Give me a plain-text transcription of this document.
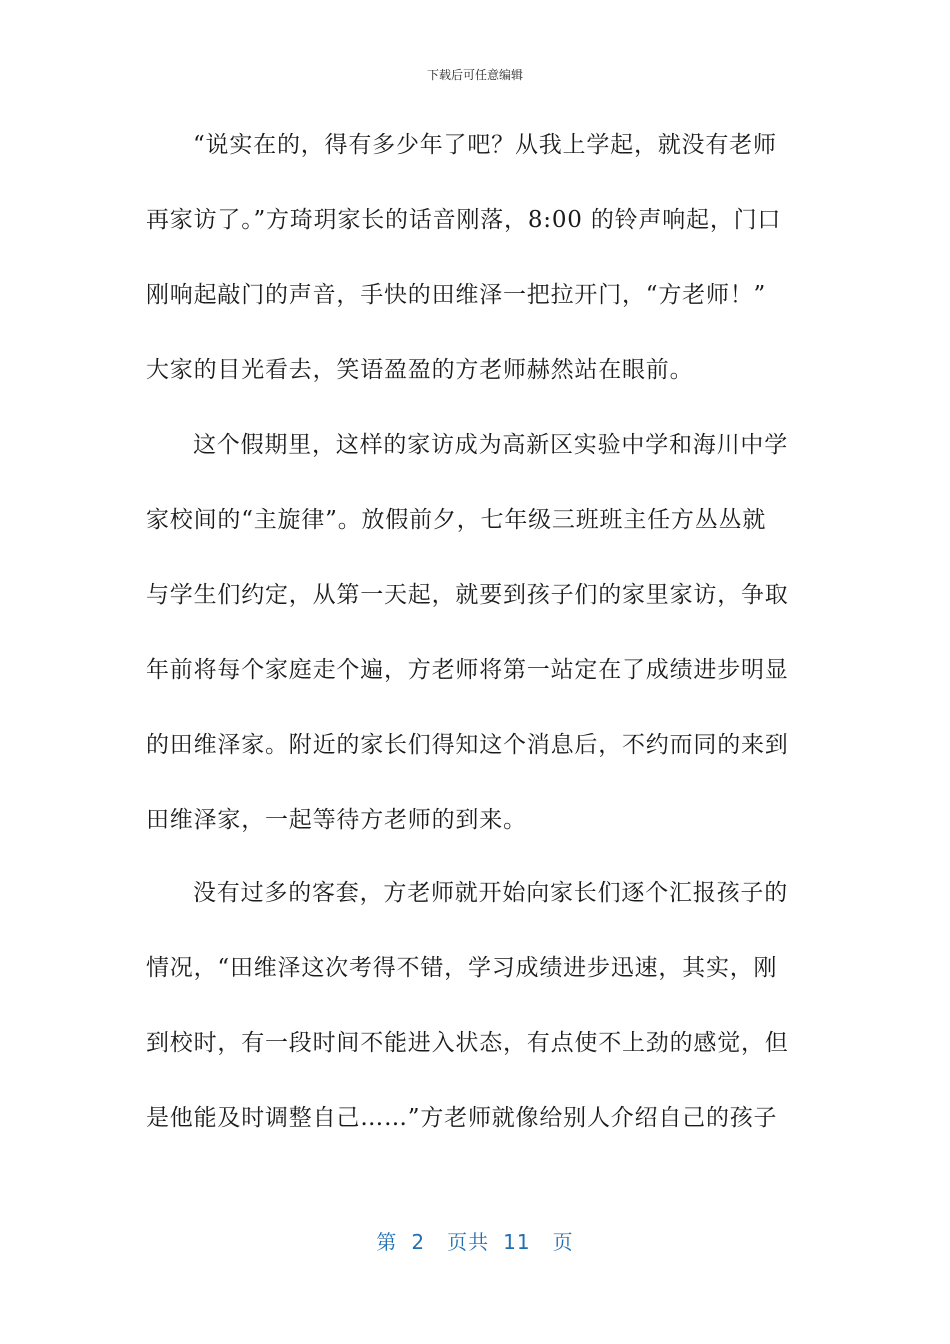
下载后可任意编辑
“说实在的，得有多少年了吧？从我上学起，就没有老师
再家访了。”方琦玥家长的话音刚落，8:00 的铃声响起，门口
刚响起敲门的声音，手快的田维泽一把拉开门，“方老师！”
大家的目光看去，笑语盈盈的方老师赫然站在眼前。
这个假期里，这样的家访成为高新区实验中学和海川中学
家校间的“主旋律”。放假前夕，七年级三班班主任方丛丛就
与学生们约定，从第一天起，就要到孩子们的家里家访，争取
年前将每个家庭走个遍，方老师将第一站定在了成绩进步明显
的田维泽家。附近的家长们得知这个消息后，不约而同的来到
田维泽家，一起等待方老师的到来。
没有过多的客套，方老师就开始向家长们逐个汇报孩子的
情况，“田维泽这次考得不错，学习成绩进步迅速，其实，刚
到校时，有一段时间不能进入状态，有点使不上劲的感觉，但
是他能及时调整自己……”方老师就像给别人介绍自己的孩子
第 2 页共 11 页
